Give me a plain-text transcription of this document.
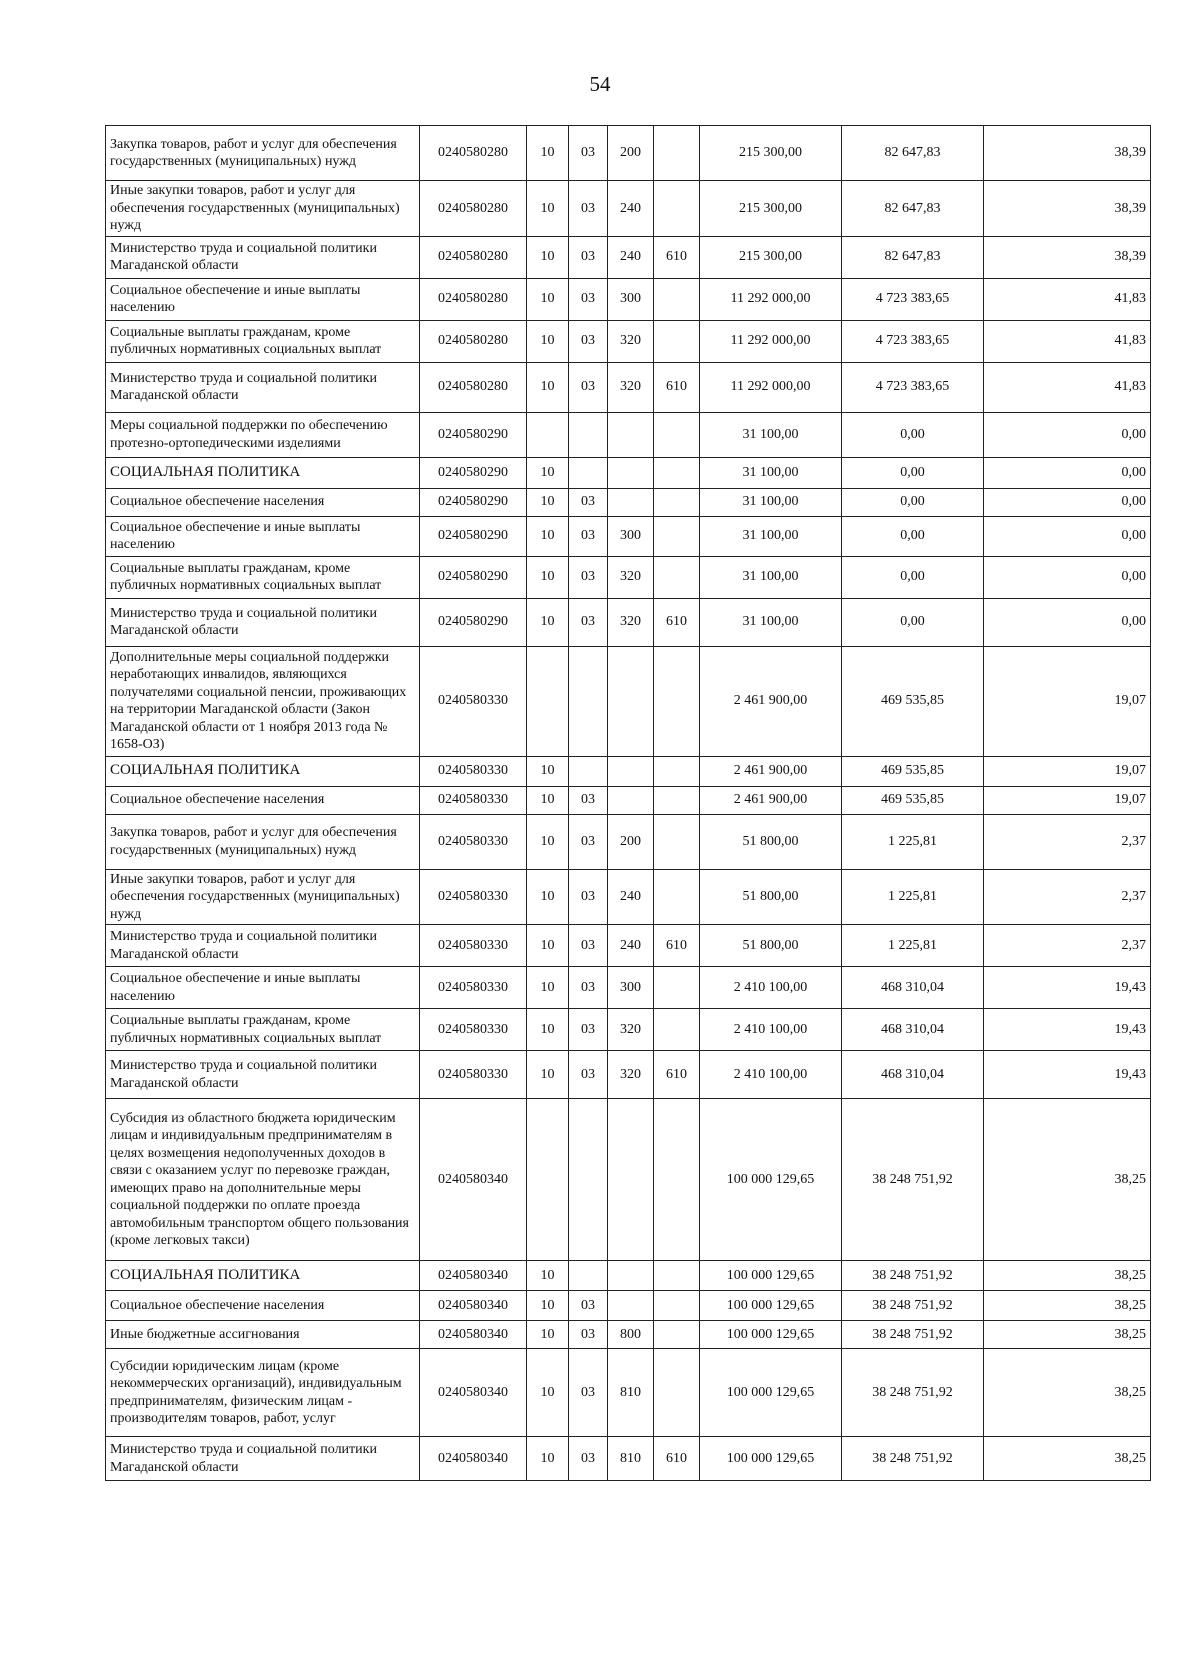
54
Закупка товаров, работ и услуг для обеспечения государственных (муниципальных) нужд	0240580280	10	03	200		215 300,00	82 647,83	38,39
Иные закупки товаров, работ и услуг для обеспечения государственных (муниципальных) нужд	0240580280	10	03	240		215 300,00	82 647,83	38,39
Министерство труда и социальной политики Магаданской области	0240580280	10	03	240	610	215 300,00	82 647,83	38,39
Социальное обеспечение и иные выплаты населению	0240580280	10	03	300		11 292 000,00	4 723 383,65	41,83
Социальные выплаты гражданам, кроме публичных нормативных социальных выплат	0240580280	10	03	320		11 292 000,00	4 723 383,65	41,83
Министерство труда и социальной политики Магаданской области	0240580280	10	03	320	610	11 292 000,00	4 723 383,65	41,83
Меры социальной поддержки по обеспечению протезно-ортопедическими изделиями	0240580290					31 100,00	0,00	0,00
СОЦИАЛЬНАЯ ПОЛИТИКА	0240580290	10				31 100,00	0,00	0,00
Социальное обеспечение населения	0240580290	10	03			31 100,00	0,00	0,00
Социальное обеспечение и иные выплаты населению	0240580290	10	03	300		31 100,00	0,00	0,00
Социальные выплаты гражданам, кроме публичных нормативных социальных выплат	0240580290	10	03	320		31 100,00	0,00	0,00
Министерство труда и социальной политики Магаданской области	0240580290	10	03	320	610	31 100,00	0,00	0,00
Дополнительные меры социальной поддержки неработающих инвалидов, являющихся получателями социальной пенсии, проживающих на территории Магаданской области (Закон Магаданской области от 1 ноября 2013 года № 1658-ОЗ)	0240580330					2 461 900,00	469 535,85	19,07
СОЦИАЛЬНАЯ ПОЛИТИКА	0240580330	10				2 461 900,00	469 535,85	19,07
Социальное обеспечение населения	0240580330	10	03			2 461 900,00	469 535,85	19,07
Закупка товаров, работ и услуг для обеспечения государственных (муниципальных) нужд	0240580330	10	03	200		51 800,00	1 225,81	2,37
Иные закупки товаров, работ и услуг для обеспечения государственных (муниципальных) нужд	0240580330	10	03	240		51 800,00	1 225,81	2,37
Министерство труда и социальной политики Магаданской области	0240580330	10	03	240	610	51 800,00	1 225,81	2,37
Социальное обеспечение и иные выплаты населению	0240580330	10	03	300		2 410 100,00	468 310,04	19,43
Социальные выплаты гражданам, кроме публичных нормативных социальных выплат	0240580330	10	03	320		2 410 100,00	468 310,04	19,43
Министерство труда и социальной политики Магаданской области	0240580330	10	03	320	610	2 410 100,00	468 310,04	19,43
Субсидия из областного бюджета юридическим лицам и индивидуальным предпринимателям в целях возмещения недополученных доходов в связи с оказанием услуг по перевозке граждан, имеющих право на дополнительные меры социальной поддержки по оплате проезда автомобильным транспортом общего пользования (кроме легковых такси)	0240580340					100 000 129,65	38 248 751,92	38,25
СОЦИАЛЬНАЯ ПОЛИТИКА	0240580340	10				100 000 129,65	38 248 751,92	38,25
Социальное обеспечение населения	0240580340	10	03			100 000 129,65	38 248 751,92	38,25
Иные бюджетные ассигнования	0240580340	10	03	800		100 000 129,65	38 248 751,92	38,25
Субсидии юридическим лицам (кроме некоммерческих организаций), индивидуальным предпринимателям, физическим лицам - производителям товаров, работ, услуг	0240580340	10	03	810		100 000 129,65	38 248 751,92	38,25
Министерство труда и социальной политики Магаданской области	0240580340	10	03	810	610	100 000 129,65	38 248 751,92	38,25
